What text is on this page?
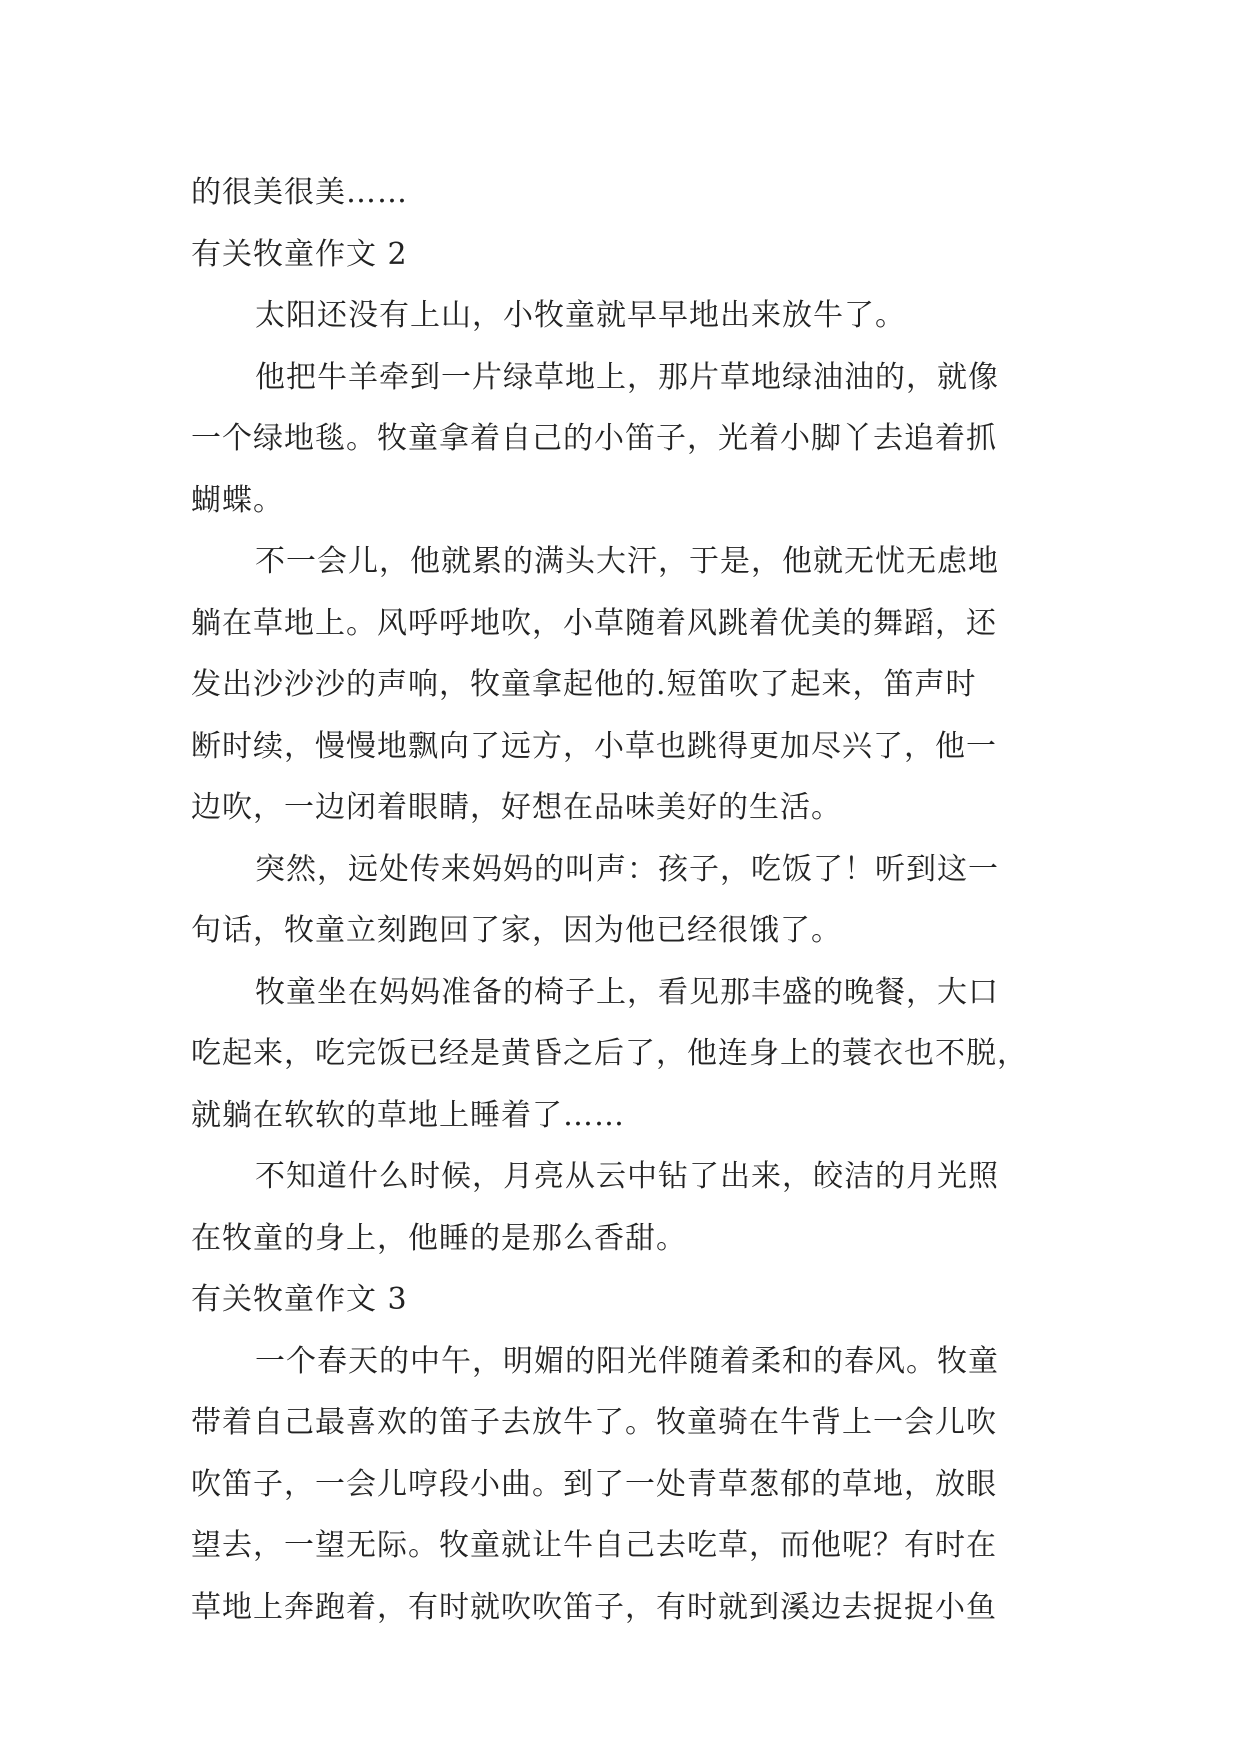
的很美很美……
有关牧童作文 2
太阳还没有上山，小牧童就早早地出来放牛了。
他把牛羊牵到一片绿草地上，那片草地绿油油的，就像
一个绿地毯。牧童拿着自己的小笛子，光着小脚丫去追着抓
蝴蝶。
不一会儿，他就累的满头大汗，于是，他就无忧无虑地
躺在草地上。风呼呼地吹，小草随着风跳着优美的舞蹈，还
发出沙沙沙的声响，牧童拿起他的.短笛吹了起来，笛声时
断时续，慢慢地飘向了远方，小草也跳得更加尽兴了，他一
边吹，一边闭着眼睛，好想在品味美好的生活。
突然，远处传来妈妈的叫声：孩子，吃饭了！听到这一
句话，牧童立刻跑回了家，因为他已经很饿了。
牧童坐在妈妈准备的椅子上，看见那丰盛的晚餐，大口
吃起来，吃完饭已经是黄昏之后了，他连身上的蓑衣也不脱，
就躺在软软的草地上睡着了……
不知道什么时候，月亮从云中钻了出来，皎洁的月光照
在牧童的身上，他睡的是那么香甜。
有关牧童作文 3
一个春天的中午，明媚的阳光伴随着柔和的春风。牧童
带着自己最喜欢的笛子去放牛了。牧童骑在牛背上一会儿吹
吹笛子，一会儿哼段小曲。到了一处青草葱郁的草地，放眼
望去，一望无际。牧童就让牛自己去吃草，而他呢？有时在
草地上奔跑着，有时就吹吹笛子，有时就到溪边去捉捉小鱼
